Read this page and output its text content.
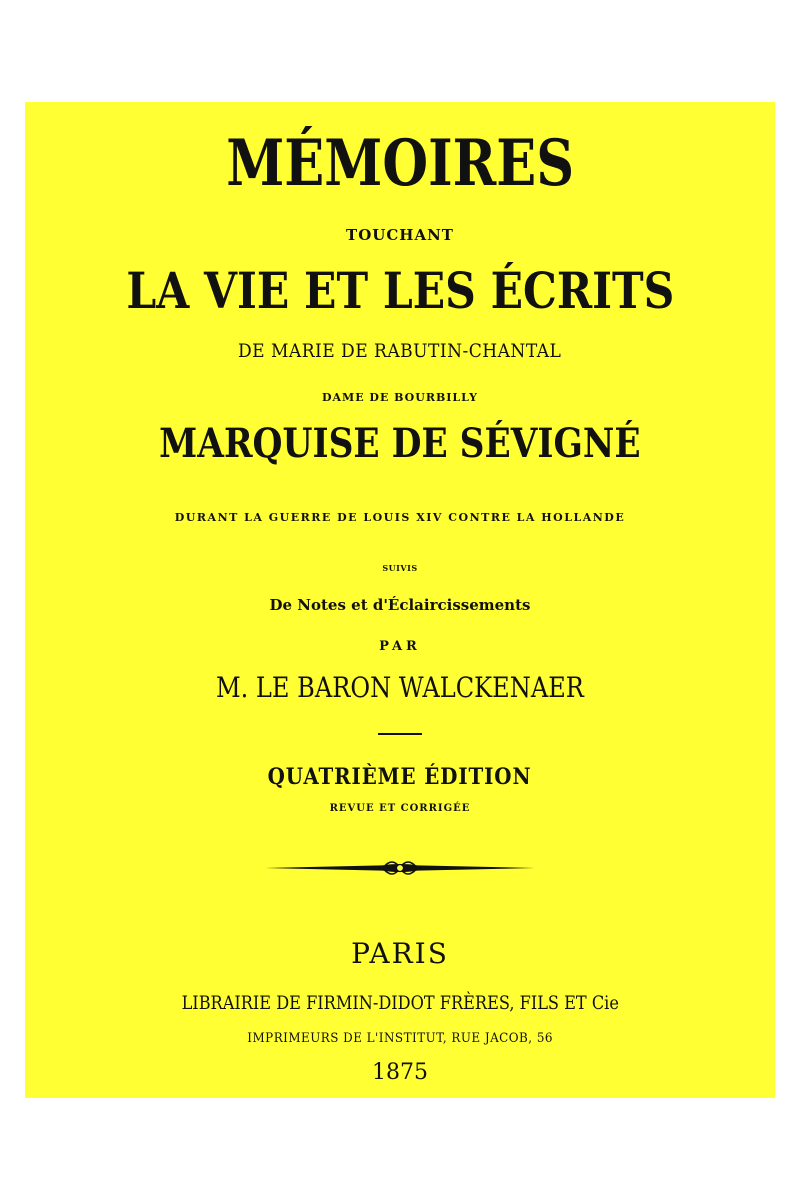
MÉMOIRES
TOUCHANT
LA VIE ET LES ÉCRITS
DE MARIE DE RABUTIN-CHANTAL
DAME DE BOURBILLY
MARQUISE DE SÉVIGNÉ
DURANT LA GUERRE DE LOUIS XIV CONTRE LA HOLLANDE
SUIVIS
De Notes et d'Éclaircissements
PAR
M. LE BARON WALCKENAER
QUATRIÈME ÉDITION
REVUE ET CORRIGÉE
PARIS
LIBRAIRIE DE FIRMIN-DIDOT FRÈRES, FILS ET Cie
IMPRIMEURS DE L'INSTITUT, RUE JACOB, 56
1875
